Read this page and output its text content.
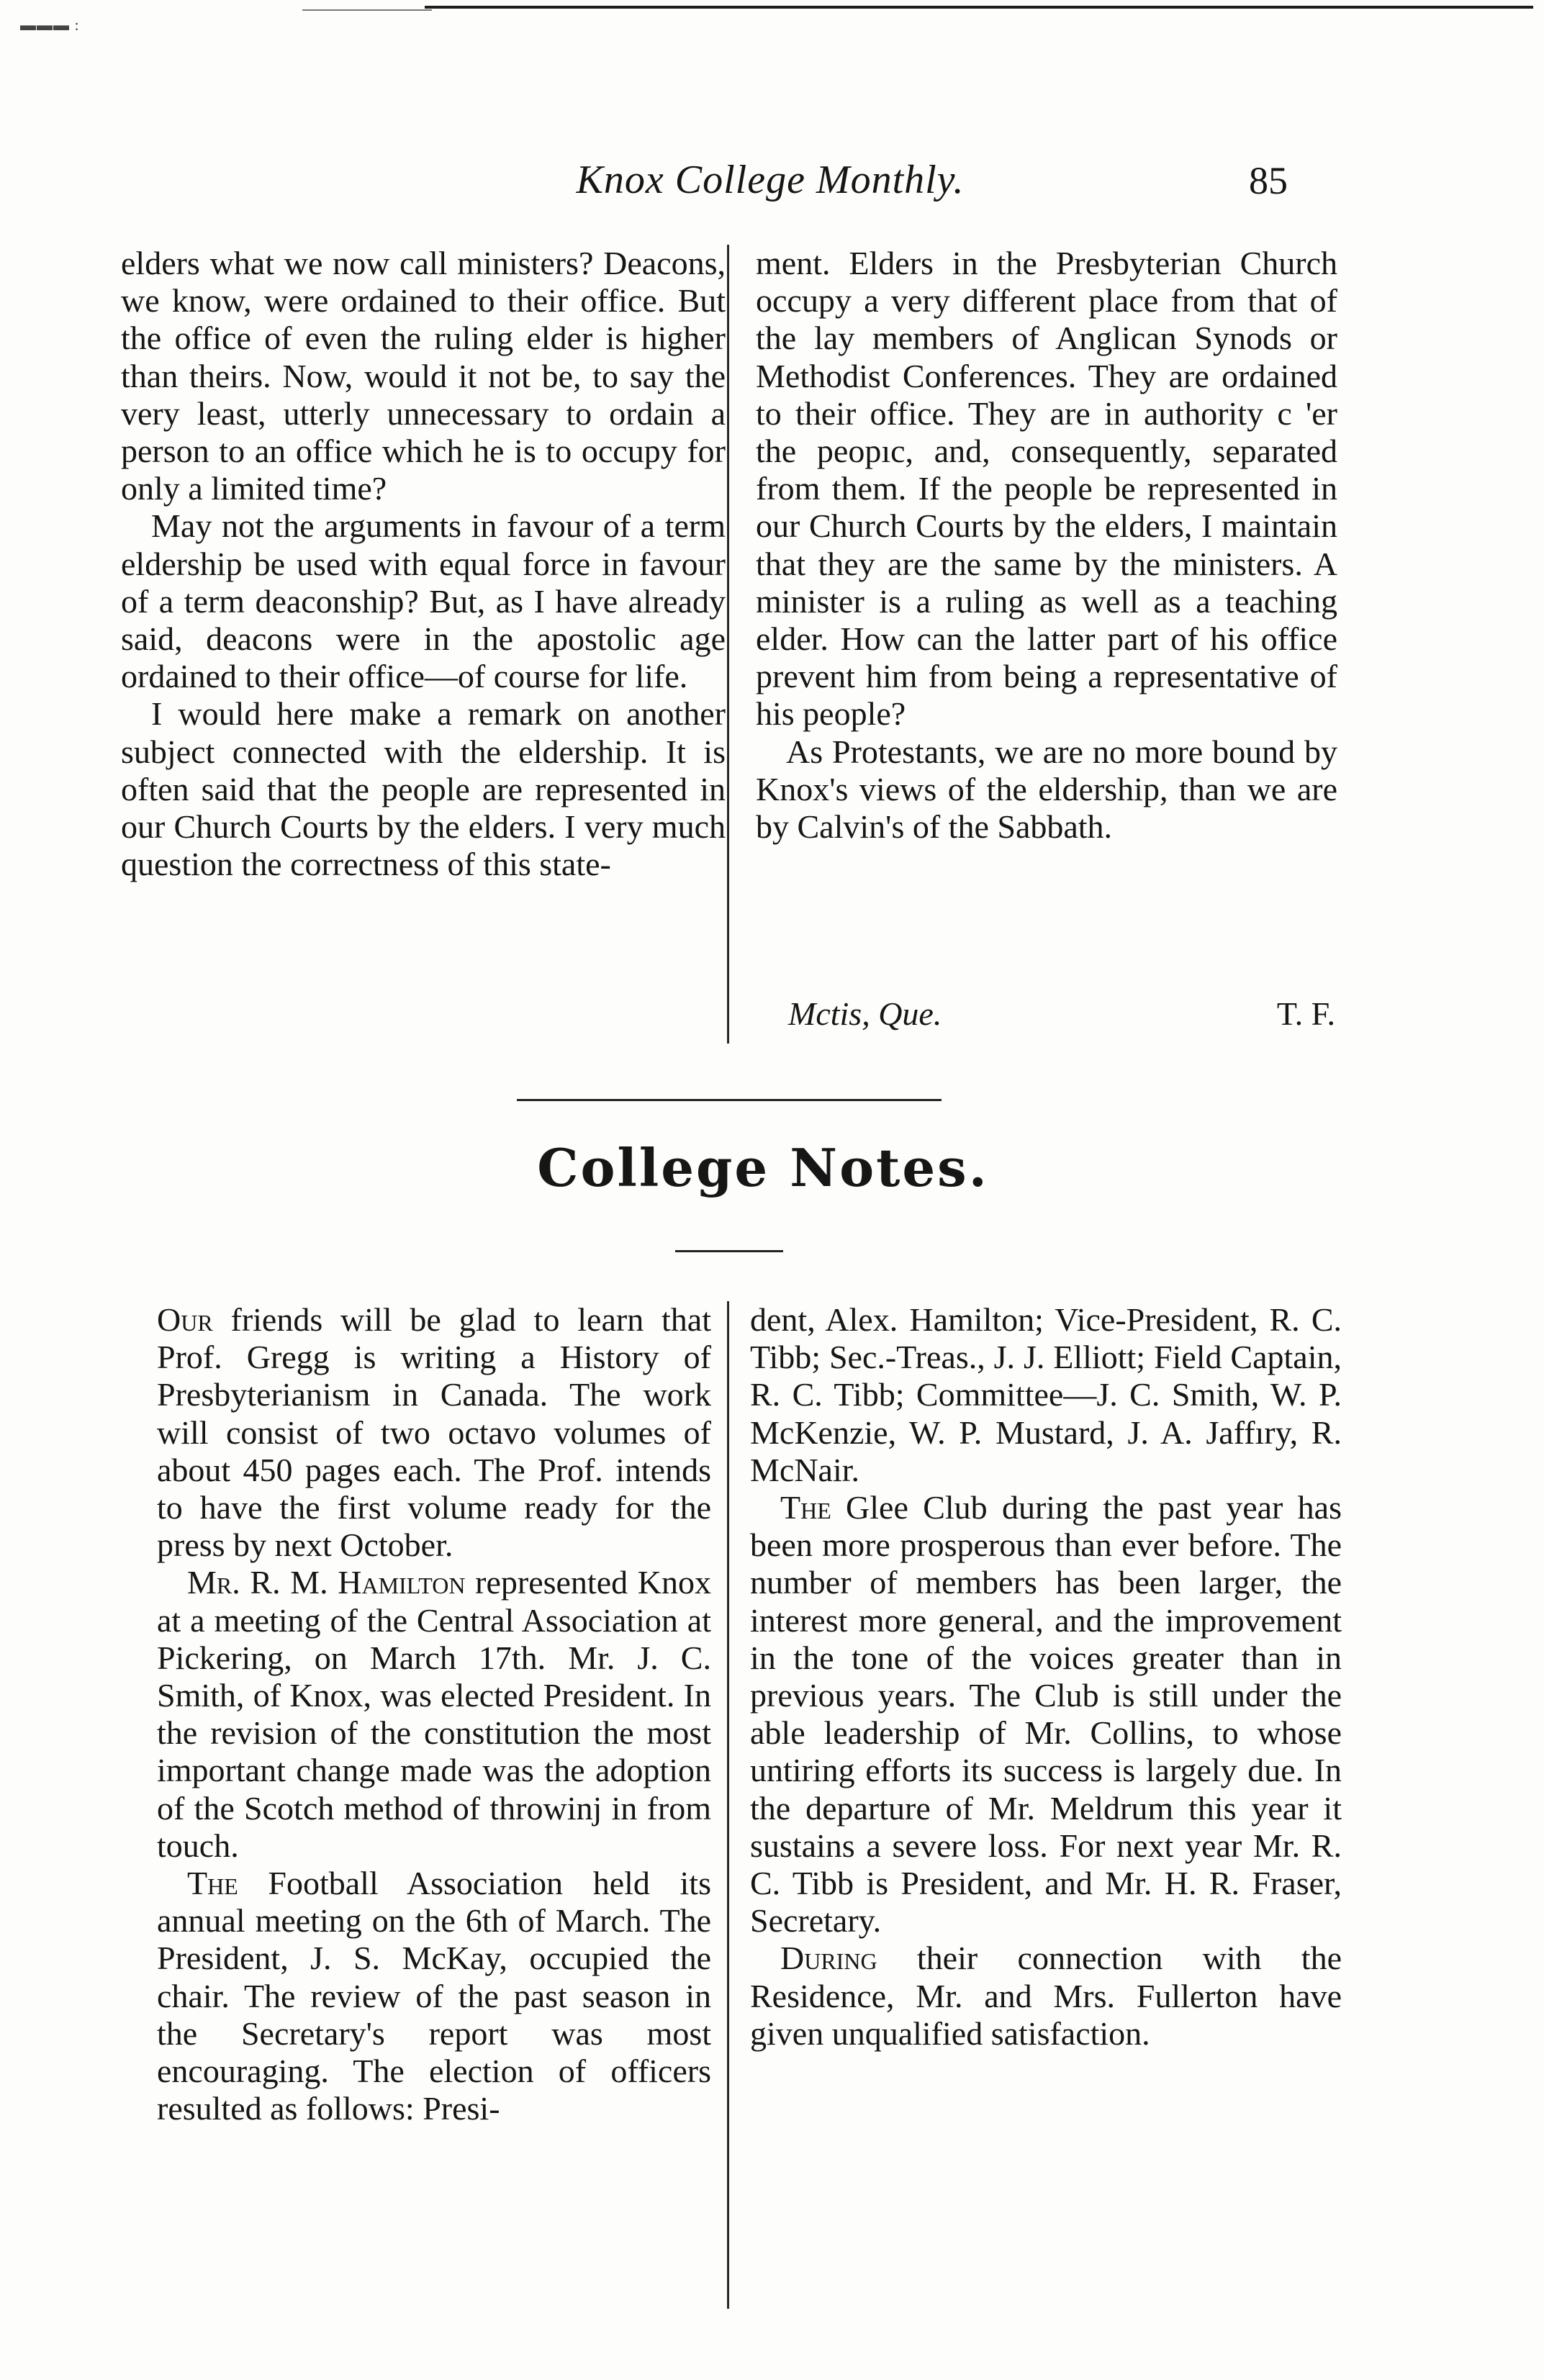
▬▬▬ :
Knox College Monthly.	85

elders what we now call ministers? Deacons, we know, were ordained to their office. But the office of even the ruling elder is higher than theirs. Now, would it not be, to say the very least, utterly unnecessary to ordain a person to an office which he is to occupy for only a limited time?

May not the arguments in favour of a term eldership be used with equal force in favour of a term deaconship? But, as I have already said, deacons were in the apostolic age ordained to their office—of course for life.

I would here make a remark on another subject connected with the eldership. It is often said that the people are represented in our Church Courts by the elders. I very much question the correctness of this state-

ment. Elders in the Presbyterian Church occupy a very different place from that of the lay members of Anglican Synods or Methodist Conferences. They are ordained to their office. They are in authority c 'er the peopıc, and, consequently, separated from them. If the people be represented in our Church Courts by the elders, I maintain that they are the same by the ministers. A minister is a ruling as well as a teaching elder. How can the latter part of his office prevent him from being a representative of his people?

As Protestants, we are no more bound by Knox's views of the eldership, than we are by Calvin's of the Sabbath.

Mctis, Que.	T. F.
College Notes.

Our friends will be glad to learn that Prof. Gregg is writing a History of Presbyterianism in Canada. The work will consist of two octavo volumes of about 450 pages each. The Prof. intends to have the first volume ready for the press by next October.

Mr. R. M. Hamilton represented Knox at a meeting of the Central Association at Pickering, on March 17th. Mr. J. C. Smith, of Knox, was elected President. In the revision of the constitution the most important change made was the adoption of the Scotch method of throwinj in from touch.

The Football Association held its annual meeting on the 6th of March. The President, J. S. McKay, occupied the chair. The review of the past season in the Secretary's report was most encouraging. The election of officers resulted as follows: Presi-

dent, Alex. Hamilton; Vice-President, R. C. Tibb; Sec.-Treas., J. J. Elliott; Field Captain, R. C. Tibb; Committee—J. C. Smith, W. P. McKenzie, W. P. Mustard, J. A. Jaffıry, R. McNair.

The Glee Club during the past year has been more prosperous than ever before. The number of members has been larger, the interest more general, and the improvement in the tone of the voices greater than in previous years. The Club is still under the able leadership of Mr. Collins, to whose untiring efforts its success is largely due. In the departure of Mr. Meldrum this year it sustains a severe loss. For next year Mr. R. C. Tibb is President, and Mr. H. R. Fraser, Secretary.

During their connection with the Residence, Mr. and Mrs. Fullerton have given unqualified satisfaction.
